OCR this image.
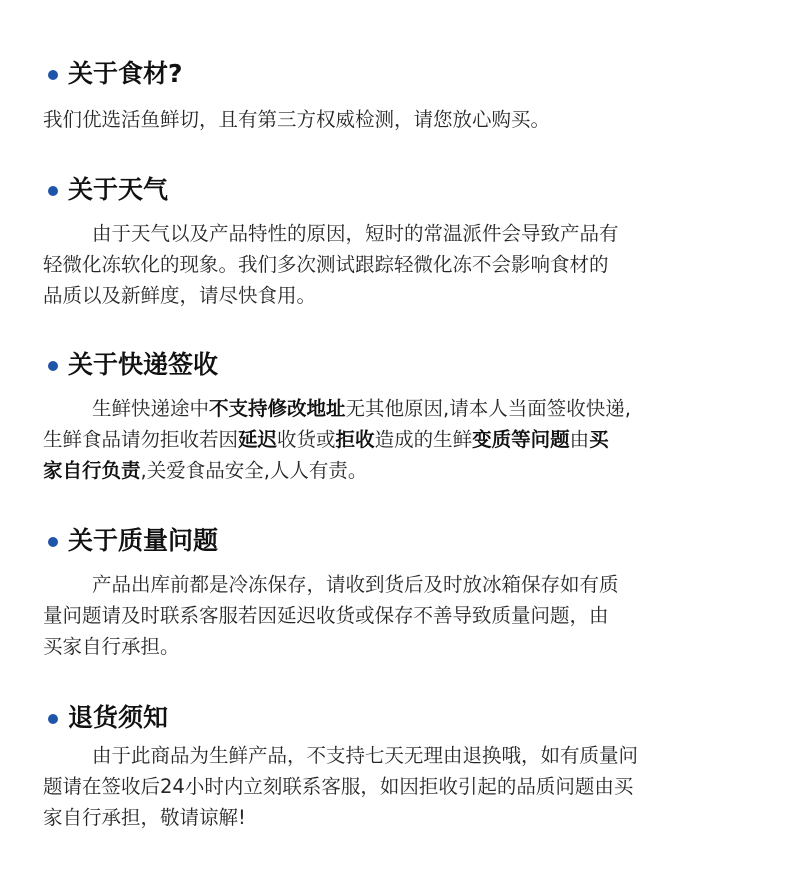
关于食材?
我们优选活鱼鲜切，且有第三方权威检测，请您放心购买。
关于天气
由于天气以及产品特性的原因，短时的常温派件会导致产品有
轻微化冻软化的现象。我们多次测试跟踪轻微化冻不会影响食材的
品质以及新鲜度，请尽快食用。
关于快递签收
生鲜快递途中不支持修改地址无其他原因,请本人当面签收快递,
生鲜食品请勿拒收若因延迟收货或拒收造成的生鲜变质等问题由买
家自行负责,关爱食品安全,人人有责。
关于质量问题
产品出库前都是冷冻保存，请收到货后及时放冰箱保存如有质
量问题请及时联系客服若因延迟收货或保存不善导致质量问题，由
买家自行承担。
退货须知
由于此商品为生鲜产品，不支持七天无理由退换哦，如有质量问
题请在签收后24小时内立刻联系客服，如因拒收引起的品质问题由买
家自行承担，敬请谅解!
